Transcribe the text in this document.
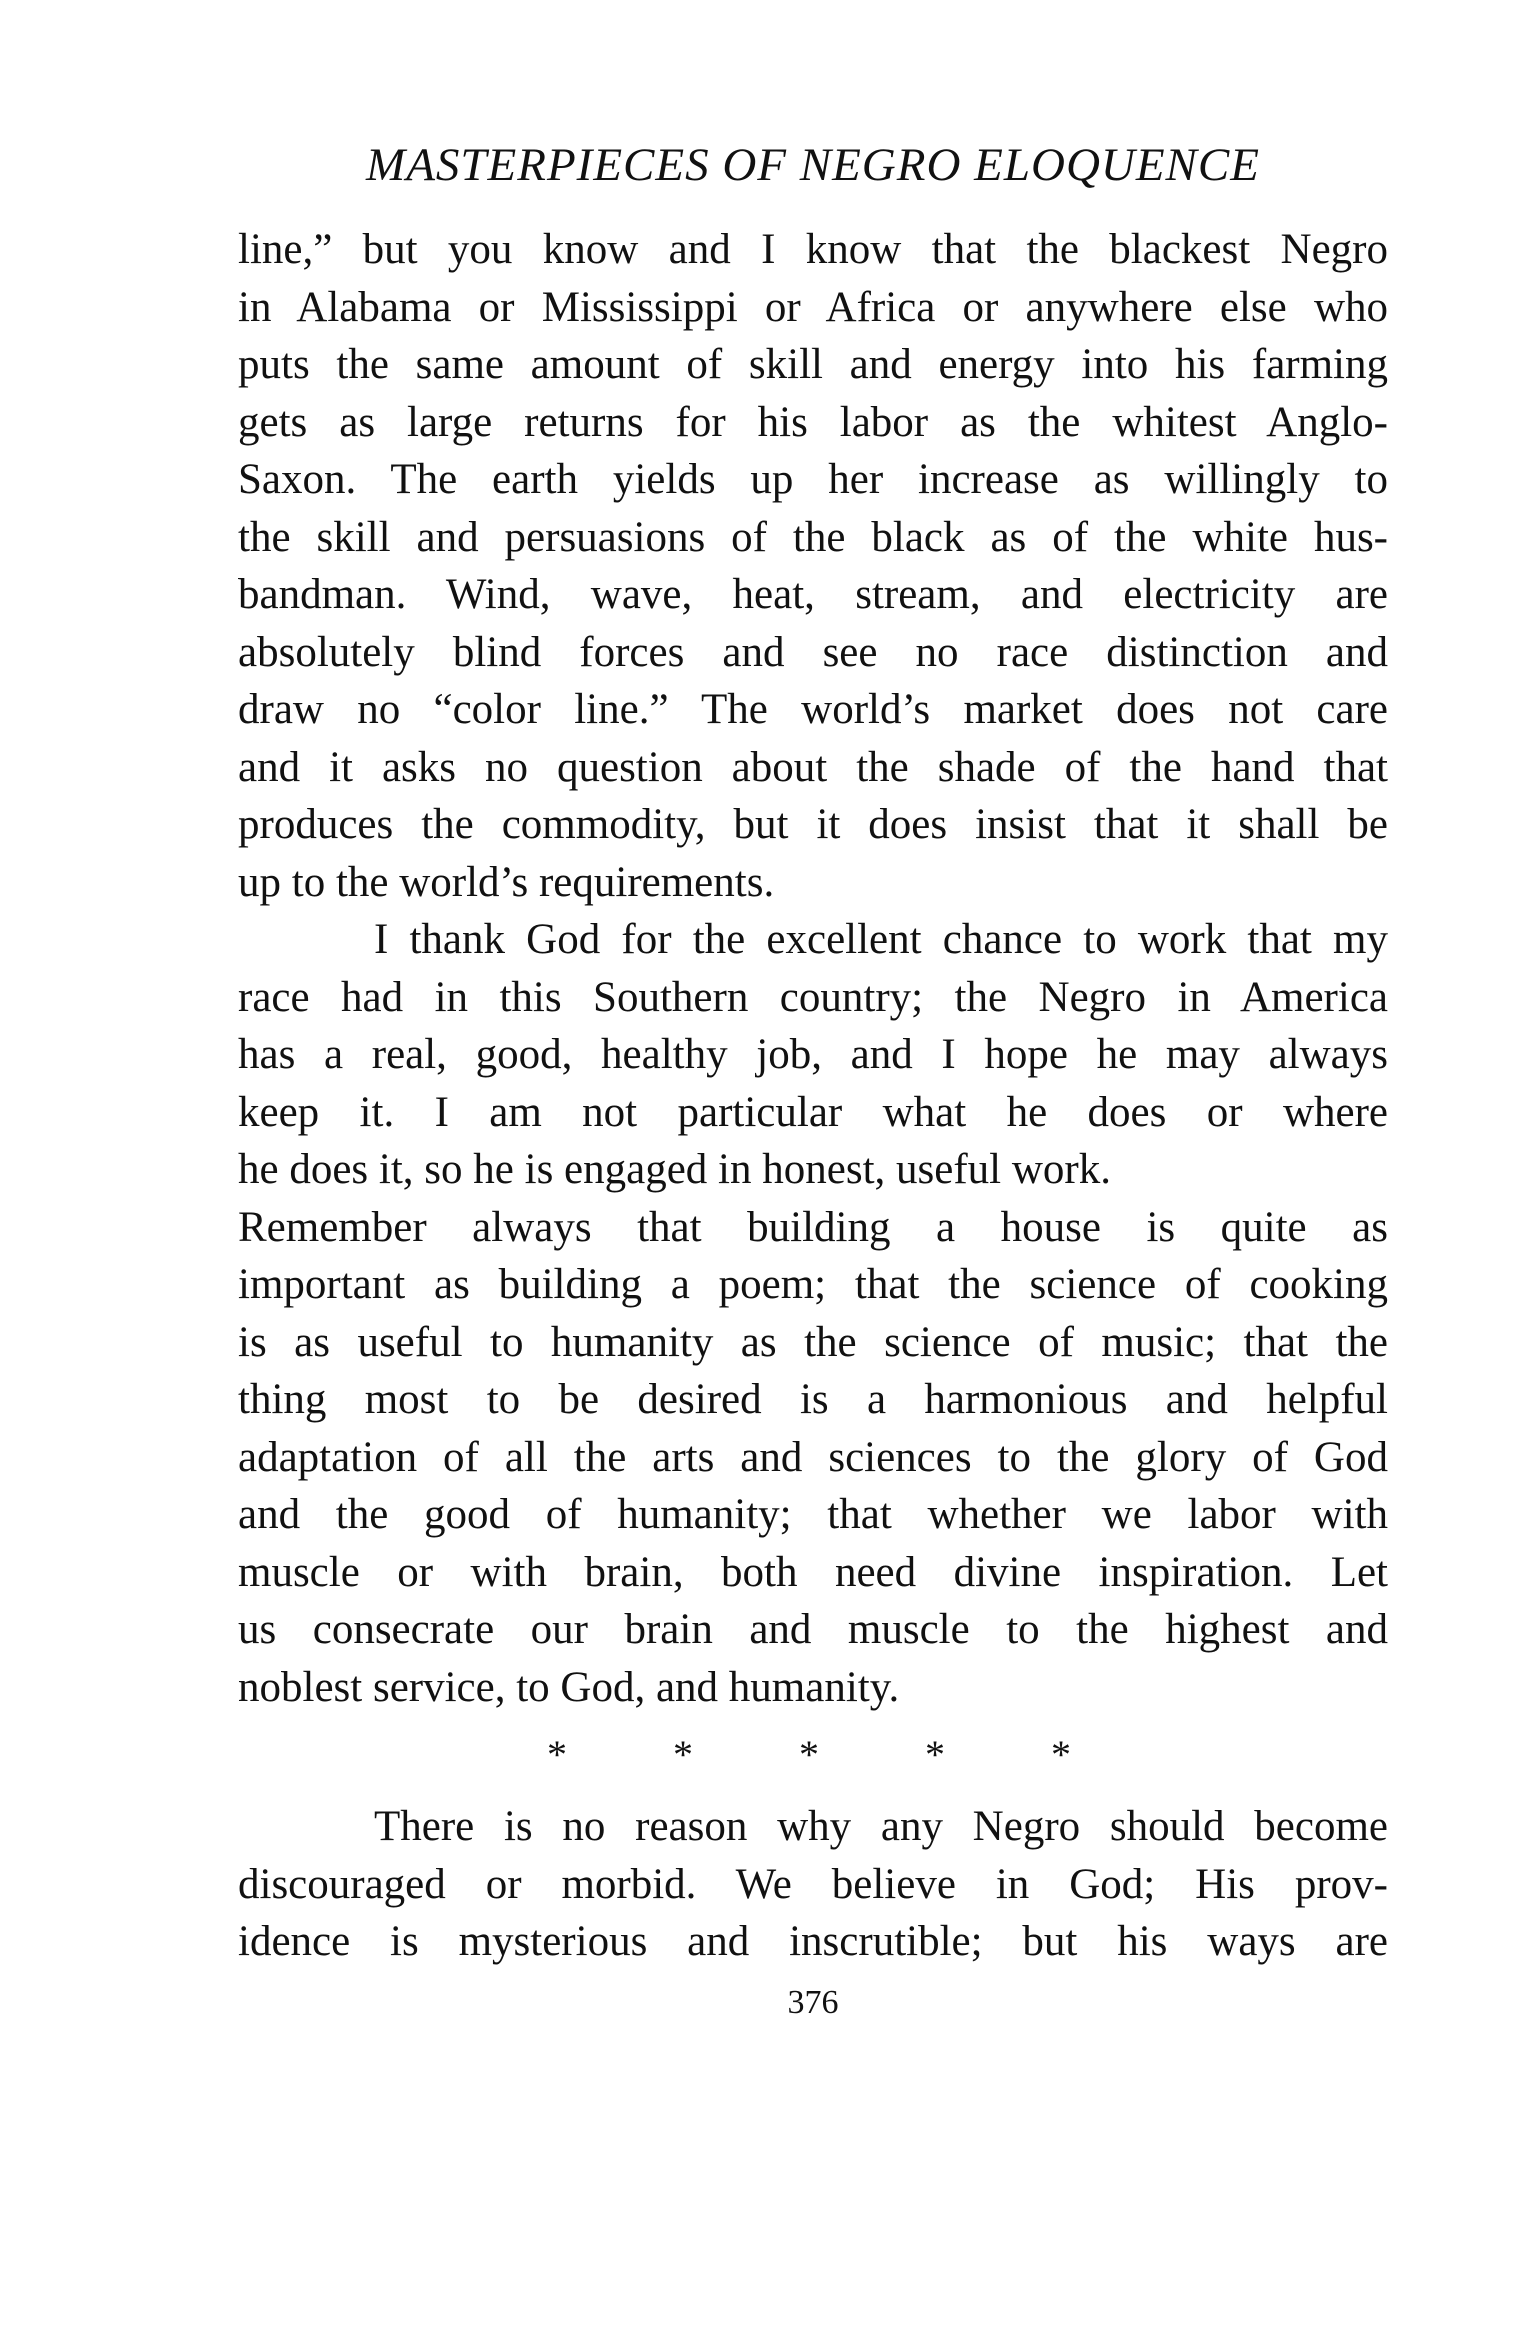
MASTERPIECES OF NEGRO ELOQUENCE
line,” but you know and I know that the blackest Negro
in Alabama or Mississippi or Africa or anywhere else who
puts the same amount of skill and energy into his farming
gets as large returns for his labor as the whitest Anglo-
Saxon. The earth yields up her increase as willingly to
the skill and persuasions of the black as of the white hus-
bandman. Wind, wave, heat, stream, and electricity are
absolutely blind forces and see no race distinction and
draw no “color line.” The world’s market does not care
and it asks no question about the shade of the hand that
produces the commodity, but it does insist that it shall be
up to the world’s requirements.
I thank God for the excellent chance to work that my
race had in this Southern country; the Negro in America
has a real, good, healthy job, and I hope he may always
keep it. I am not particular what he does or where
he does it, so he is engaged in honest, useful work.
Remember always that building a house is quite as
important as building a poem; that the science of cooking
is as useful to humanity as the science of music; that the
thing most to be desired is a harmonious and helpful
adaptation of all the arts and sciences to the glory of God
and the good of humanity; that whether we labor with
muscle or with brain, both need divine inspiration. Let
us consecrate our brain and muscle to the highest and
noblest service, to God, and humanity.
* * * * *
There is no reason why any Negro should become
discouraged or morbid. We believe in God; His prov-
idence is mysterious and inscrutible; but his ways are
376
